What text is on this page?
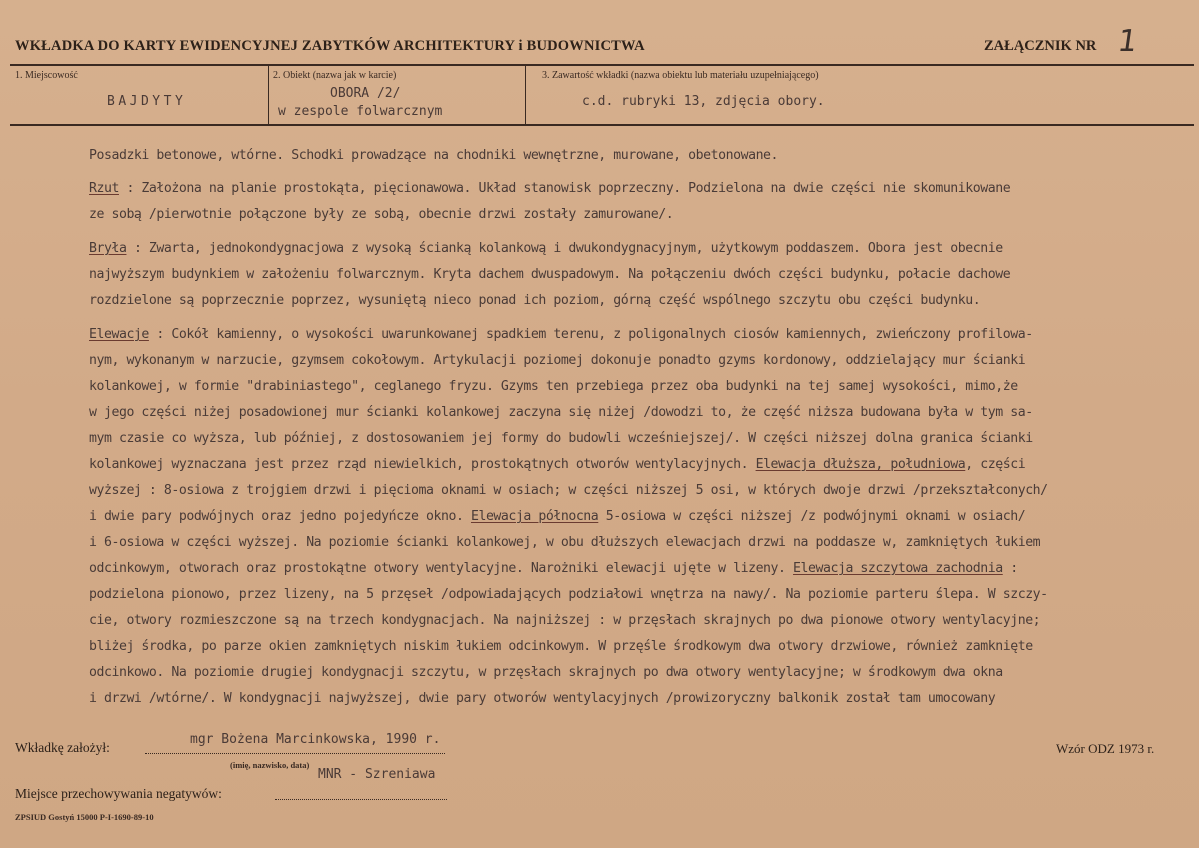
WKŁADKA DO KARTY EWIDENCYJNEJ ZABYTKÓW ARCHITEKTURY i BUDOWNICTWA	ZAŁĄCZNIK NR 1
1. Miejscowość
BAJDYTY
2. Obiekt (nazwa jak w karcie)
OBORA /2/
w zespole folwarcznym
3. Zawartość wkładki (nazwa obiektu lub materiału uzupełniającego)
c.d. rubryki 13, zdjęcia obory.
Posadzki betonowe, wtórne. Schodki prowadzące na chodniki wewnętrzne, murowane, obetonowane.
Rzut : Założona na planie prostokąta, pięcionawowa. Układ stanowisk poprzeczny. Podzielona na dwie części nie skomunikowane
ze sobą /pierwotnie połączone były ze sobą, obecnie drzwi zostały zamurowane/.
Bryła : Zwarta, jednokondygnacjowa z wysoką ścianką kolankową i dwukondygnacyjnym, użytkowym poddaszem. Obora jest obecnie
najwyższym budynkiem w założeniu folwarcznym. Kryta dachem dwuspadowym. Na połączeniu dwóch części budynku, połacie dachowe
rozdzielone są poprzecznie poprzez, wysuniętą nieco ponad ich poziom, górną część wspólnego szczytu obu części budynku.
Elewacje : Cokół kamienny, o wysokości uwarunkowanej spadkiem terenu, z poligonalnych ciosów kamiennych, zwieńczony profilowa-
nym, wykonanym w narzucie, gzymsem cokołowym. Artykulacji poziomej dokonuje ponadto gzyms kordonowy, oddzielający mur ścianki
kolankowej, w formie "drabiniastego", ceglanego fryzu. Gzyms ten przebiega przez oba budynki na tej samej wysokości, mimo,że
w jego części niżej posadowionej mur ścianki kolankowej zaczyna się niżej /dowodzi to, że część niższa budowana była w tym sa-
mym czasie co wyższa, lub później, z dostosowaniem jej formy do budowli wcześniejszej/. W części niższej dolna granica ścianki
kolankowej wyznaczana jest przez rząd niewielkich, prostokątnych otworów wentylacyjnych. Elewacja dłuższa, południowa, części
wyższej : 8-osiowa z trojgiem drzwi i pięcioma oknami w osiach; w części niższej 5 osi, w których dwoje drzwi /przekształconych/
i dwie pary podwójnych oraz jedno pojedyńcze okno. Elewacja północna 5-osiowa w części niższej /z podwójnymi oknami w osiach/
i 6-osiowa w części wyższej. Na poziomie ścianki kolankowej, w obu dłuższych elewacjach drzwi na poddasze w, zamkniętych łukiem
odcinkowym, otworach oraz prostokątne otwory wentylacyjne. Narożniki elewacji ujęte w lizeny. Elewacja szczytowa zachodnia :
podzielona pionowo, przez lizeny, na 5 przęseł /odpowiadających podziałowi wnętrza na nawy/. Na poziomie parteru ślepa. W szczy-
cie, otwory rozmieszczone są na trzech kondygnacjach. Na najniższej : w przęsłach skrajnych po dwa pionowe otwory wentylacyjne;
bliżej środka, po parze okien zamkniętych niskim łukiem odcinkowym. W przęśle środkowym dwa otwory drzwiowe, również zamknięte
odcinkowo. Na poziomie drugiej kondygnacji szczytu, w przęsłach skrajnych po dwa otwory wentylacyjne; w środkowym dwa okna
i drzwi /wtórne/. W kondygnacji najwyższej, dwie pary otworów wentylacyjnych /prowizoryczny balkonik został tam umocowany
Wkładkę założył:
mgr Bożena Marcinkowska, 1990 r.
(imię, nazwisko, data)
MNR - Szreniawa
Miejsce przechowywania negatywów:
Wzór ODZ 1973 r.
ZPSIUD Gostyń 15000 P-I-1690-89-10
